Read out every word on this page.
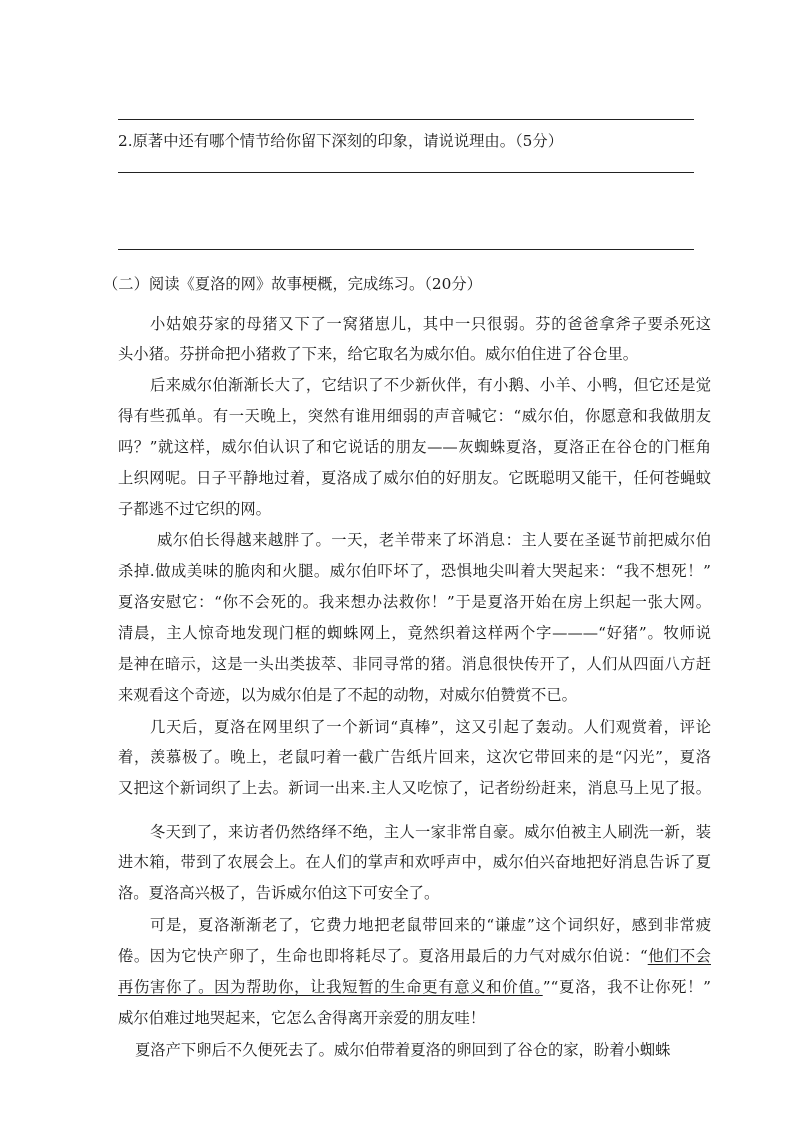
2.原著中还有哪个情节给你留下深刻的印象，请说说理由。（5分）
（二）阅读《夏洛的网》故事梗概，完成练习。（20分）
小姑娘芬家的母猪又下了一窝猪崽儿，其中一只很弱。芬的爸爸拿斧子要杀死这
头小猪。芬拼命把小猪救了下来，给它取名为威尔伯。威尔伯住进了谷仓里。
后来威尔伯渐渐长大了，它结识了不少新伙伴，有小鹅、小羊、小鸭，但它还是觉
得有些孤单。有一天晚上，突然有谁用细弱的声音喊它：“威尔伯，你愿意和我做朋友
吗？”就这样，威尔伯认识了和它说话的朋友——灰蜘蛛夏洛，夏洛正在谷仓的门框角
上织网呢。日子平静地过着，夏洛成了威尔伯的好朋友。它既聪明又能干，任何苍蝇蚊
子都逃不过它织的网。
威尔伯长得越来越胖了。一天，老羊带来了坏消息：主人要在圣诞节前把威尔伯
杀掉.做成美味的脆肉和火腿。威尔伯吓坏了，恐惧地尖叫着大哭起来：“我不想死！”
夏洛安慰它：“你不会死的。我来想办法救你！”于是夏洛开始在房上织起一张大网。
清晨，主人惊奇地发现门框的蜘蛛网上，竟然织着这样两个字———“好猪”。牧师说
是神在暗示，这是一头出类拔萃、非同寻常的猪。消息很快传开了，人们从四面八方赶
来观看这个奇迹，以为威尔伯是了不起的动物，对威尔伯赞赏不已。
几天后，夏洛在网里织了一个新词“真棒”，这又引起了轰动。人们观赏着，评论
着，羡慕极了。晚上，老鼠叼着一截广告纸片回来，这次它带回来的是“闪光”，夏洛
又把这个新词织了上去。新词一出来.主人又吃惊了，记者纷纷赶来，消息马上见了报。
冬天到了，来访者仍然络绎不绝，主人一家非常自豪。威尔伯被主人刷洗一新，装
进木箱，带到了农展会上。在人们的掌声和欢呼声中，威尔伯兴奋地把好消息告诉了夏
洛。夏洛高兴极了，告诉威尔伯这下可安全了。
可是，夏洛渐渐老了，它费力地把老鼠带回来的“谦虚”这个词织好，感到非常疲
倦。因为它快产卵了，生命也即将耗尽了。夏洛用最后的力气对威尔伯说：“他们不会
再伤害你了。因为帮助你，让我短暂的生命更有意义和价值。”“夏洛，我不让你死！”
威尔伯难过地哭起来，它怎么舍得离开亲爱的朋友哇！
夏洛产下卵后不久便死去了。威尔伯带着夏洛的卵回到了谷仓的家，盼着小蜘蛛
